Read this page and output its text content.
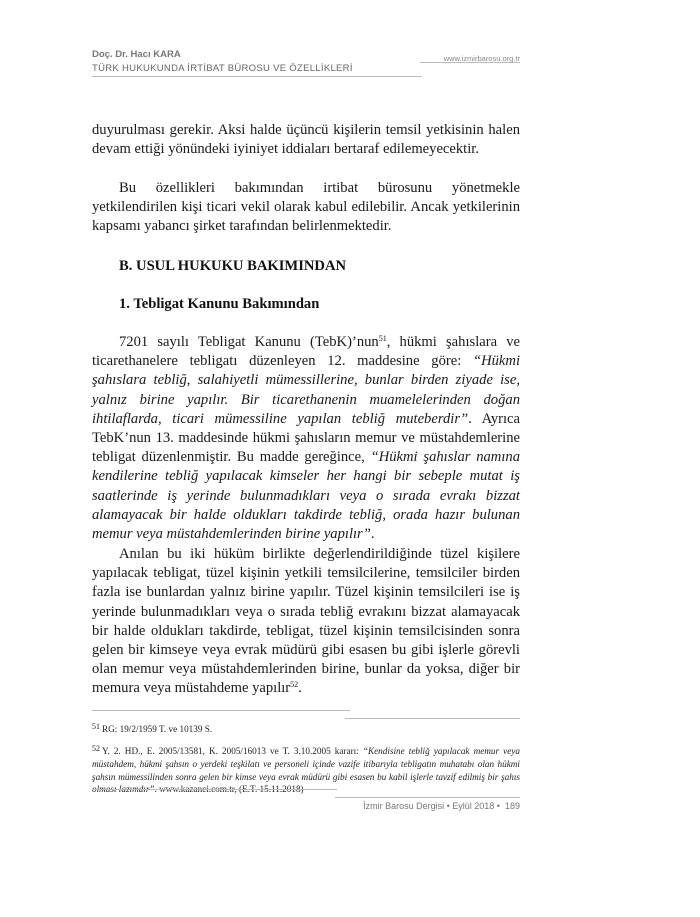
Doç. Dr. Hacı KARA
TÜRK HUKUKUNDA İRTİBAT BÜROSU VE ÖZELLİKLERİ
www.izmirbarosu.org.tr
duyurulması gerekir. Aksi halde üçüncü kişilerin temsil yetkisinin halen devam ettiği yönündeki iyiniyet iddiaları bertaraf edilemeyecektir.
Bu özellikleri bakımından irtibat bürosunu yönetmekle yetkilendirilen kişi ticari vekil olarak kabul edilebilir. Ancak yetkilerinin kapsamı yabancı şirket tarafından belirlenmektedir.
B. USUL HUKUKU BAKIMINDAN
1. Tebligat Kanunu Bakımından
7201 sayılı Tebligat Kanunu (TebK)’nun$^{51}$, hükmi şahıslara ve ticarethanelere tebligatı düzenleyen 12. maddesine göre: “Hükmi şahıslara tebliğ, salahiyetli mümessillerine, bunlar birden ziyade ise, yalnız birine yapılır. Bir ticarethanenin muamelelerinden doğan ihtilaflarda, ticari mümessiline yapılan tebliğ muteberdir”. Ayrıca TebK’nun 13. maddesinde hükmi şahısların memur ve müstahdemlerine tebligat düzenlenmiştir. Bu madde gereğince, “Hükmi şahıslar namına kendilerine tebliğ yapılacak kimseler her hangi bir sebeple mutat iş saatlerinde iş yerinde bulunmadıkları veya o sırada evrakı bizzat alamayacak bir halde oldukları takdirde tebliğ, orada hazır bulunan memur veya müstahdemlerinden birine yapılır”.
Anılan bu iki hüküm birlikte değerlendirildiğinde tüzel kişilere yapılacak tebligat, tüzel kişinin yetkili temsilcilerine, temsilciler birden fazla ise bunlardan yalnız birine yapılır. Tüzel kişinin temsilcileri ise iş yerinde bulunmadıkları veya o sırada tebliğ evrakını bizzat alamayacak bir halde oldukları takdirde, tebligat, tüzel kişinin temsilcisinden sonra gelen bir kimseye veya evrak müdürü gibi esasen bu gibi işlerle görevli olan memur veya müstahdemlerinden birine, bunlar da yoksa, diğer bir memura veya müstahdeme yapılır$^{52}$.
51 RG: 19/2/1959 T. ve 10139 S.
52 Y. 2. HD., E. 2005/13581, K. 2005/16013 ve T. 3.10.2005 kararı: “Kendisine tebliğ yapılacak memur veya müstahdem, hükmi şahsın o yerdeki teşkilatı ve personeli içinde vazife itibarıyla tebligatın muhatabı olan hükmi şahsın mümessilinden sonra gelen bir kimse veya evrak müdürü gibi esasen bu kabil işlerle tavzif edilmiş bir şahıs olması lazımdır”. www.kazanci.com.tr, (E.T. 15.11.2018)
İzmir Barosu Dergisi • Eylül 2018 • 189
